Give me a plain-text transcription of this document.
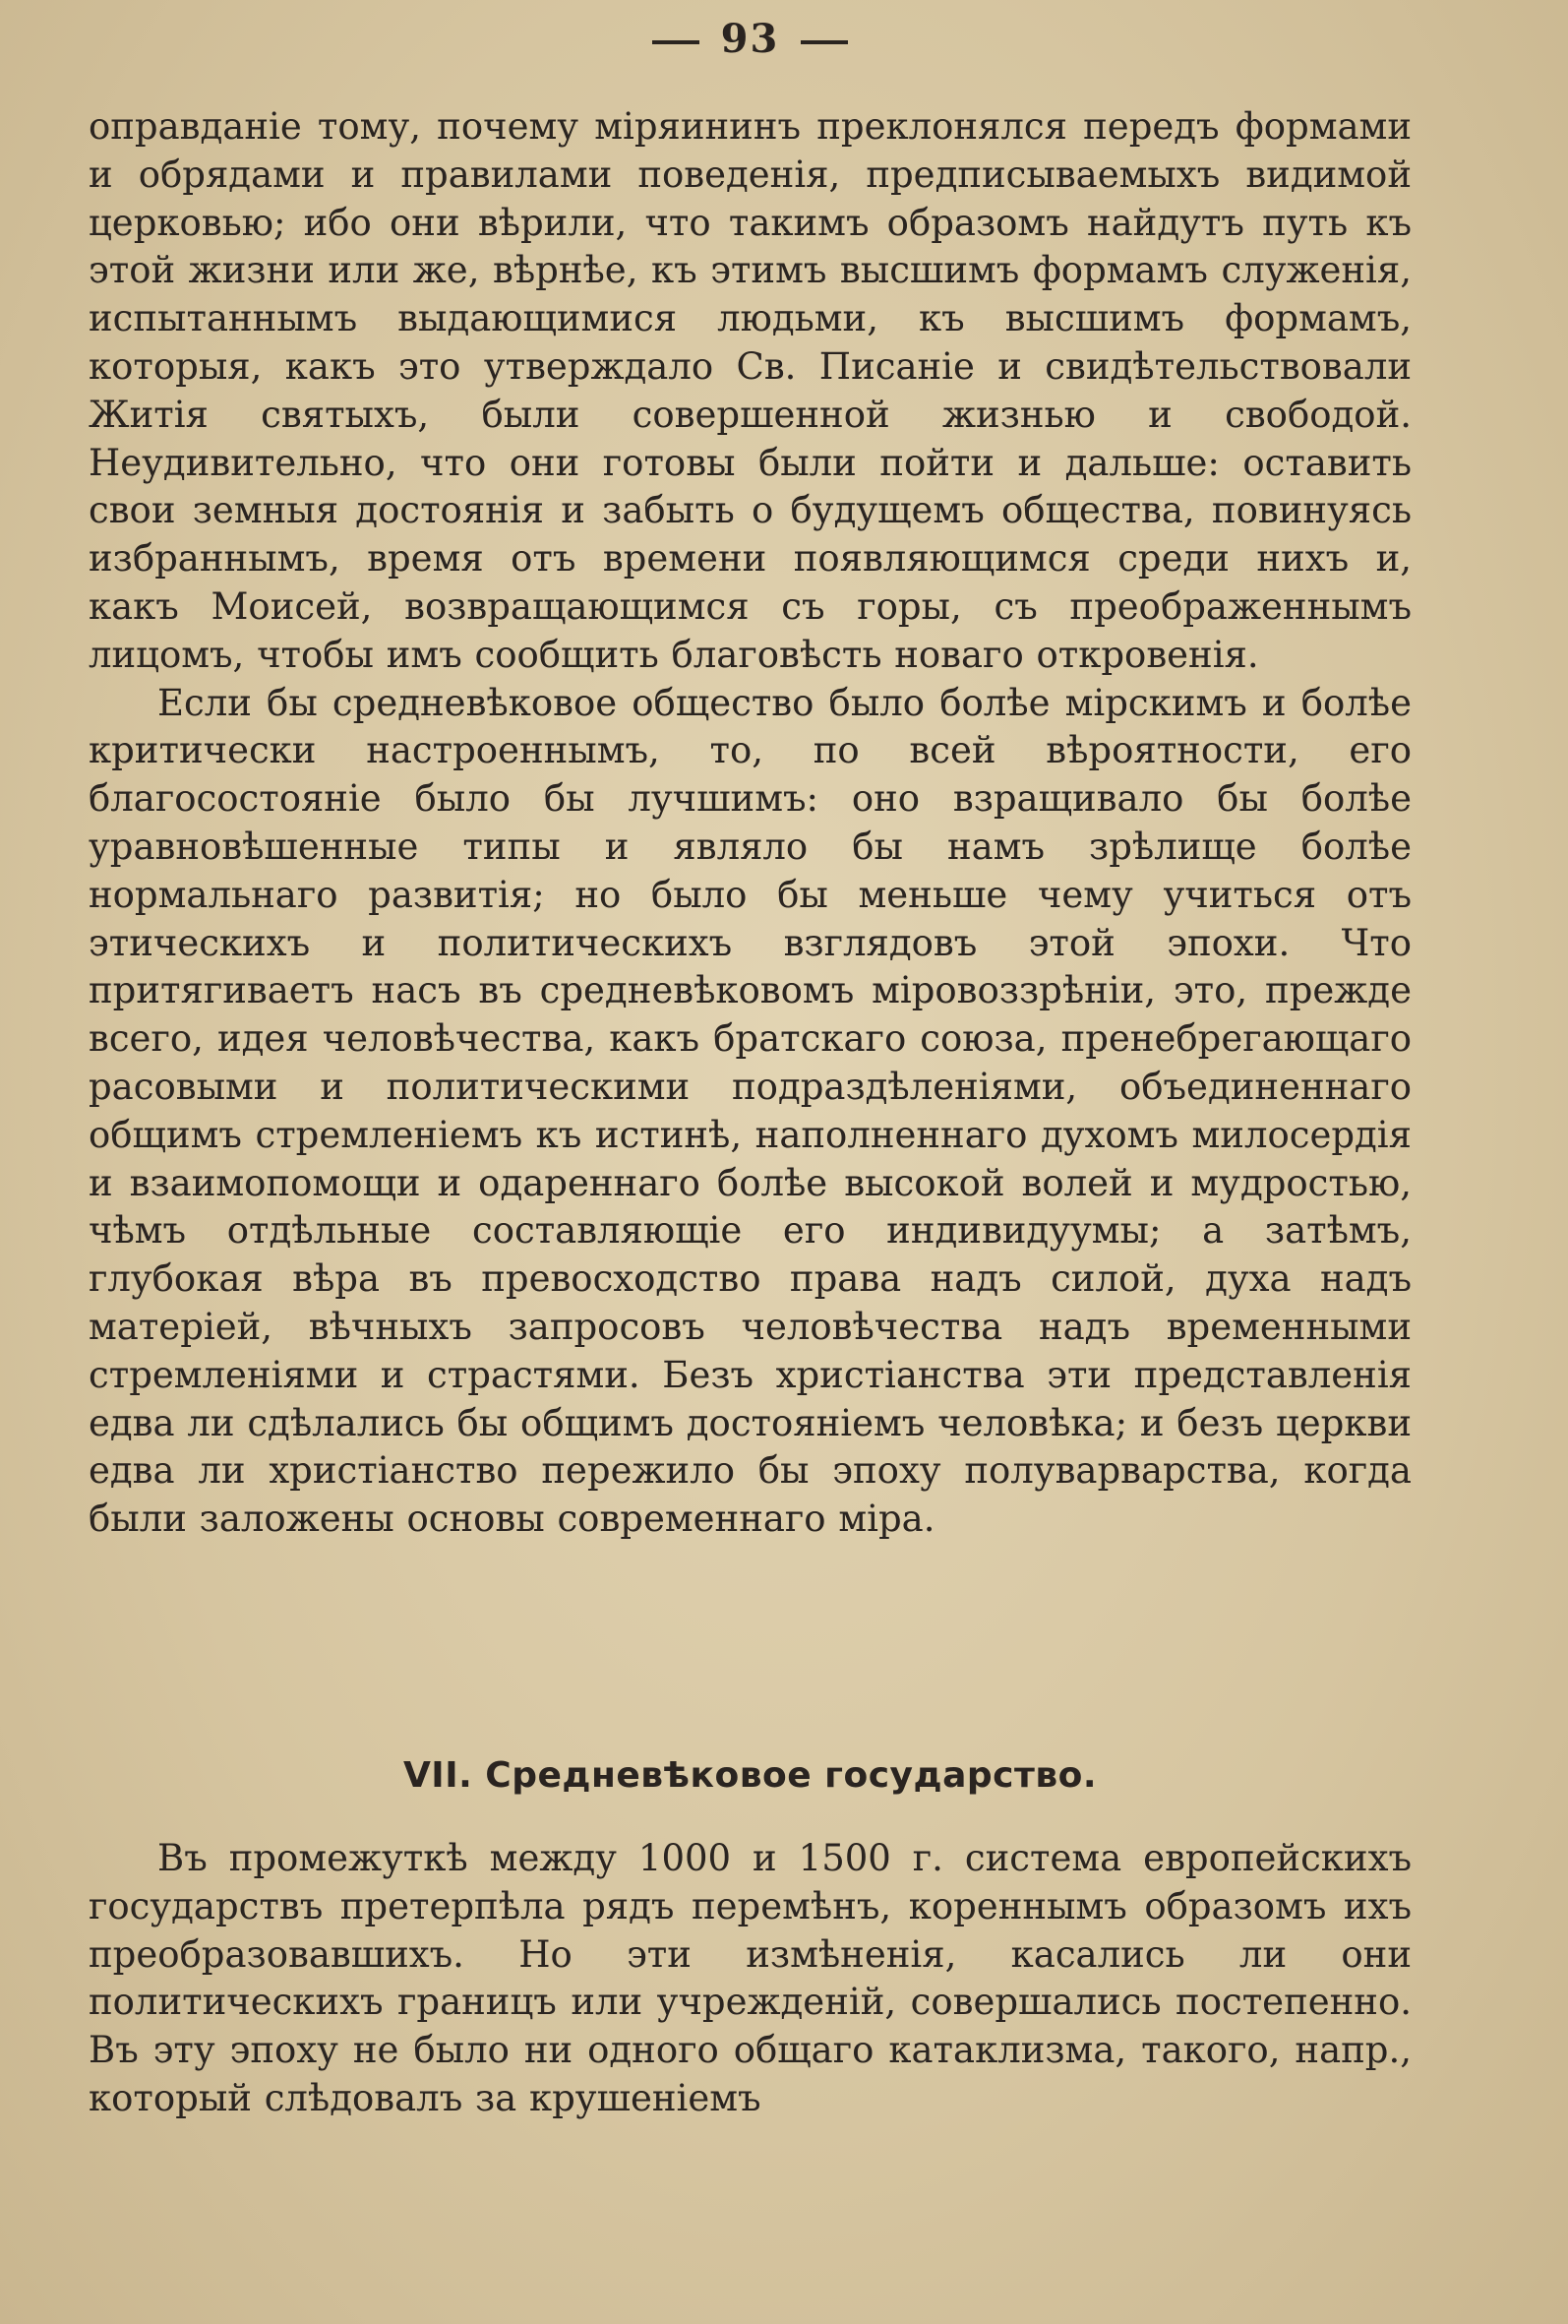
93

оправданіе тому, почему міряининъ преклонялся передъ формами и обрядами и правилами поведенія, предписываемыхъ видимой церковью; ибо они вѣрили, что такимъ образомъ найдутъ путь къ этой жизни или же, вѣрнѣе, къ этимъ высшимъ формамъ служенія, испытаннымъ выдающимися людьми, къ высшимъ формамъ, которыя, какъ это утверждало Св. Писаніе и свидѣтельствовали Житія святыхъ, были совершенной жизнью и свободой. Неудивительно, что они готовы были пойти и дальше: оставить свои земныя достоянія и забыть о будущемъ общества, повинуясь избраннымъ, время отъ времени появляющимся среди нихъ и, какъ Моисей, возвращающимся съ горы, съ преображеннымъ лицомъ, чтобы имъ сообщить благовѣсть новаго откровенія.

Если бы средневѣковое общество было болѣе мірскимъ и болѣе критически настроеннымъ, то, по всей вѣроятности, его благосостояніе было бы лучшимъ: оно взращивало бы болѣе уравновѣшенные типы и являло бы намъ зрѣлище болѣе нормальнаго развитія; но было бы меньше чему учиться отъ этическихъ и политическихъ взглядовъ этой эпохи. Что притягиваетъ насъ въ средневѣковомъ міровоззрѣніи, это, прежде всего, идея человѣчества, какъ братскаго союза, пренебрегающаго расовыми и политическими подраздѣленіями, объединеннаго общимъ стремленіемъ къ истинѣ, наполненнаго духомъ милосердія и взаимопомощи и одареннаго болѣе высокой волей и мудростью, чѣмъ отдѣльные составляющіе его индивидуумы; а затѣмъ, глубокая вѣра въ превосходство права надъ силой, духа надъ матеріей, вѣчныхъ запросовъ человѣчества надъ временными стремленіями и страстями. Безъ христіанства эти представленія едва ли сдѣлались бы общимъ достояніемъ человѣка; и безъ церкви едва ли христіанство пережило бы эпоху полуварварства, когда были заложены основы современнаго міра.

VII. Средневѣковое государство.

Въ промежуткѣ между 1000 и 1500 г. система европейскихъ государствъ претерпѣла рядъ перемѣнъ, кореннымъ образомъ ихъ преобразовавшихъ. Но эти измѣненія, касались ли они политическихъ границъ или учрежденій, совершались постепенно. Въ эту эпоху не было ни одного общаго катаклизма, такого, напр., который слѣдовалъ за крушеніемъ
